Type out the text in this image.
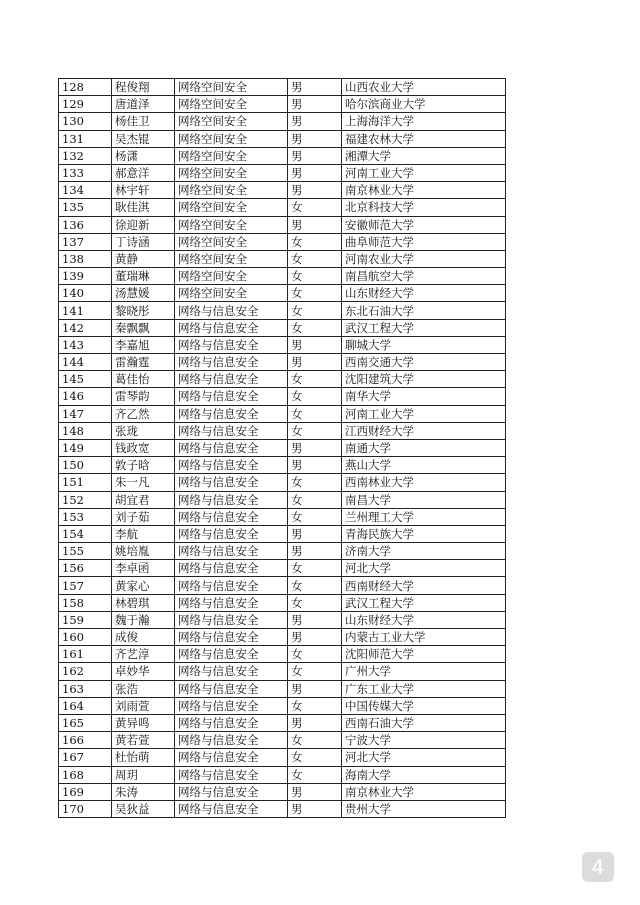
128	程俊翔	网络空间安全	男	山西农业大学
129	唐道泽	网络空间安全	男	哈尔滨商业大学
130	杨佳卫	网络空间安全	男	上海海洋大学
131	吴杰锟	网络空间安全	男	福建农林大学
132	杨潇	网络空间安全	男	湘潭大学
133	郝意洋	网络空间安全	男	河南工业大学
134	林宇轩	网络空间安全	男	南京林业大学
135	耿佳淇	网络空间安全	女	北京科技大学
136	徐迎新	网络空间安全	男	安徽师范大学
137	丁诗涵	网络空间安全	女	曲阜师范大学
138	黄静	网络空间安全	女	河南农业大学
139	董瑞琳	网络空间安全	女	南昌航空大学
140	汤慧媛	网络空间安全	女	山东财经大学
141	黎晓彤	网络与信息安全	女	东北石油大学
142	秦飘飘	网络与信息安全	女	武汉工程大学
143	李嘉旭	网络与信息安全	男	聊城大学
144	雷瀚霆	网络与信息安全	男	西南交通大学
145	葛佳怡	网络与信息安全	女	沈阳建筑大学
146	雷琴韵	网络与信息安全	女	南华大学
147	齐乙然	网络与信息安全	女	河南工业大学
148	张珑	网络与信息安全	女	江西财经大学
149	钱政宽	网络与信息安全	男	南通大学
150	敦子晗	网络与信息安全	男	燕山大学
151	朱一凡	网络与信息安全	女	西南林业大学
152	胡宜君	网络与信息安全	女	南昌大学
153	刘子茹	网络与信息安全	女	兰州理工大学
154	李航	网络与信息安全	男	青海民族大学
155	姚培胤	网络与信息安全	男	济南大学
156	李卓函	网络与信息安全	女	河北大学
157	黄家心	网络与信息安全	女	西南财经大学
158	林碧琪	网络与信息安全	女	武汉工程大学
159	魏于瀚	网络与信息安全	男	山东财经大学
160	成俊	网络与信息安全	男	内蒙古工业大学
161	齐艺淳	网络与信息安全	女	沈阳师范大学
162	卓妙华	网络与信息安全	女	广州大学
163	张浩	网络与信息安全	男	广东工业大学
164	刘雨萱	网络与信息安全	女	中国传媒大学
165	黄异鸣	网络与信息安全	男	西南石油大学
166	黄若萱	网络与信息安全	女	宁波大学
167	杜怡萌	网络与信息安全	女	河北大学
168	周玥	网络与信息安全	女	海南大学
169	朱涛	网络与信息安全	男	南京林业大学
170	吴狄益	网络与信息安全	男	贵州大学
4
